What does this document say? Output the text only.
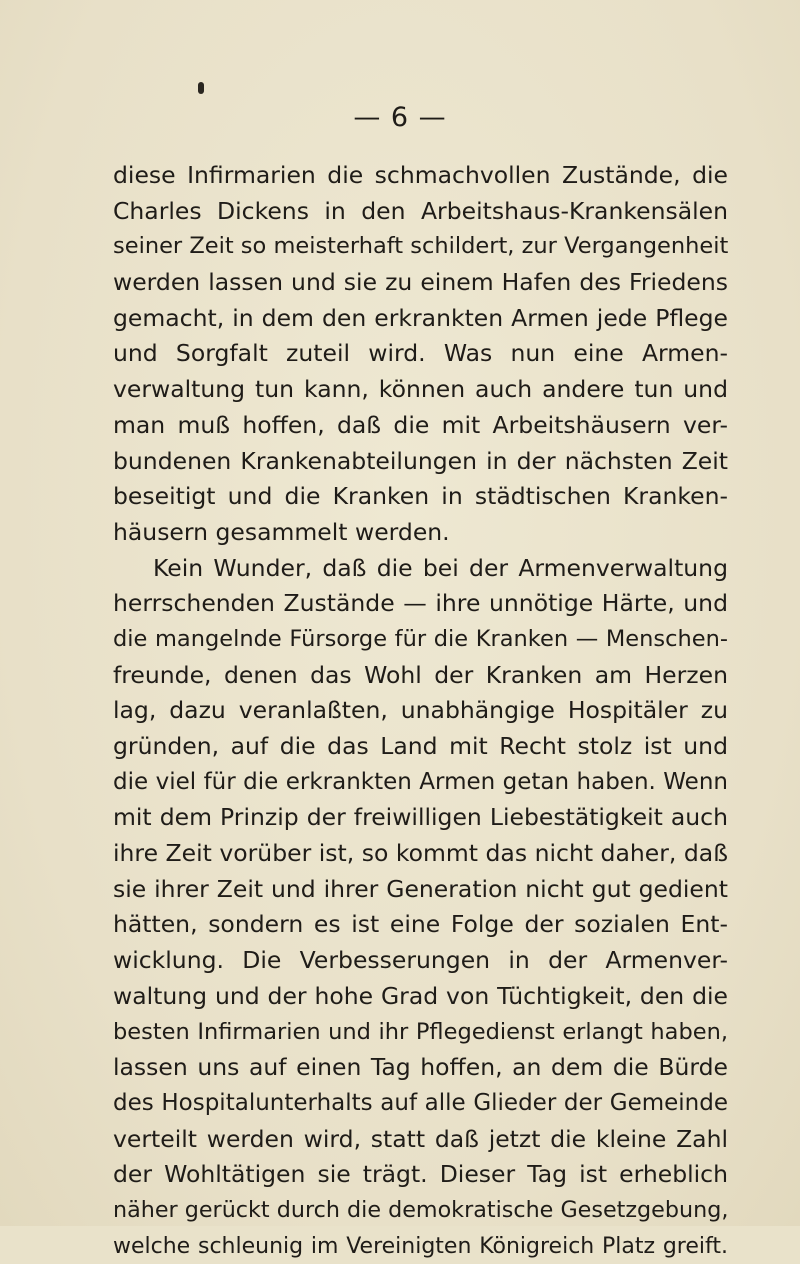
— 6 —
diese Infirmarien die schmachvollen Zustände, die
Charles Dickens in den Arbeitshaus-Krankensälen
seiner Zeit so meisterhaft schildert, zur Vergangenheit
werden lassen und sie zu einem Hafen des Friedens
gemacht, in dem den erkrankten Armen jede Pflege
und Sorgfalt zuteil wird. Was nun eine Armen-
verwaltung tun kann, können auch andere tun und
man muß hoffen, daß die mit Arbeitshäusern ver-
bundenen Krankenabteilungen in der nächsten Zeit
beseitigt und die Kranken in städtischen Kranken-
häusern gesammelt werden.
Kein Wunder, daß die bei der Armenverwaltung
herrschenden Zustände — ihre unnötige Härte, und
die mangelnde Fürsorge für die Kranken — Menschen-
freunde, denen das Wohl der Kranken am Herzen
lag, dazu veranlaßten, unabhängige Hospitäler zu
gründen, auf die das Land mit Recht stolz ist und
die viel für die erkrankten Armen getan haben. Wenn
mit dem Prinzip der freiwilligen Liebestätigkeit auch
ihre Zeit vorüber ist, so kommt das nicht daher, daß
sie ihrer Zeit und ihrer Generation nicht gut gedient
hätten, sondern es ist eine Folge der sozialen Ent-
wicklung. Die Verbesserungen in der Armenver-
waltung und der hohe Grad von Tüchtigkeit, den die
besten Infirmarien und ihr Pflegedienst erlangt haben,
lassen uns auf einen Tag hoffen, an dem die Bürde
des Hospitalunterhalts auf alle Glieder der Gemeinde
verteilt werden wird, statt daß jetzt die kleine Zahl
der Wohltätigen sie trägt. Dieser Tag ist erheblich
näher gerückt durch die demokratische Gesetzgebung,
welche schleunig im Vereinigten Königreich Platz greift.
